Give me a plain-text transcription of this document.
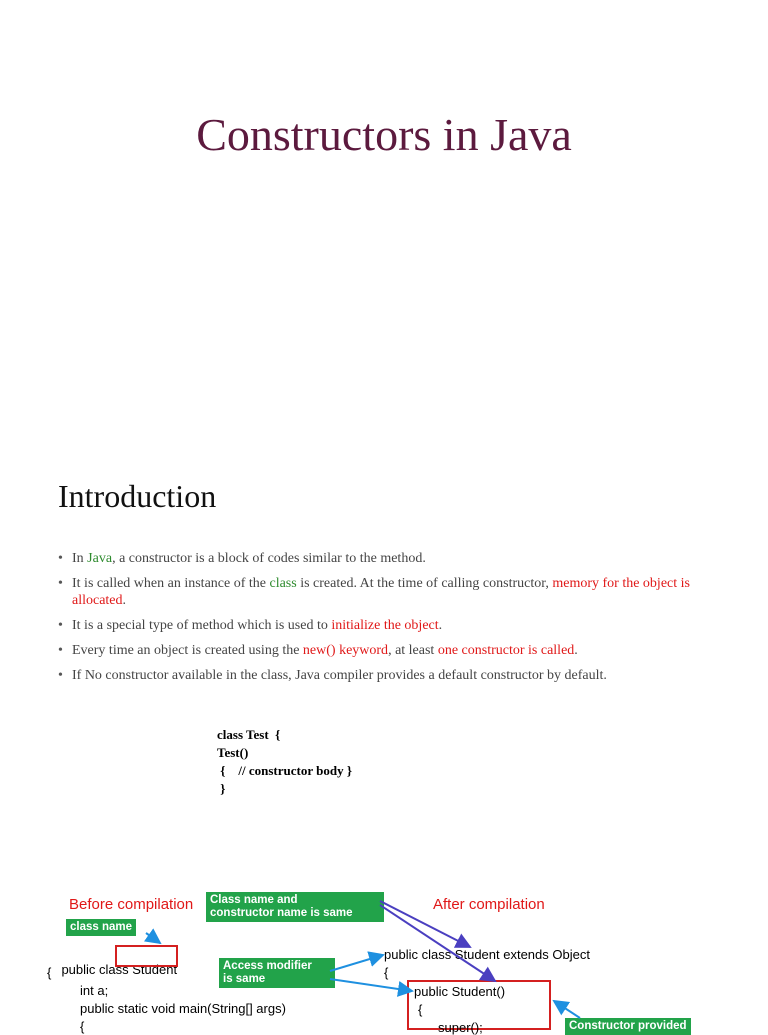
Constructors in Java
Introduction
• In Java, a constructor is a block of codes similar to the method.
• It is called when an instance of the class is created. At the time of calling constructor, memory for the object is allocated.
• It is a special type of method which is used to initialize the object.
• Every time an object is created using the new() keyword, at least one constructor is called.
• If No constructor available in the class, Java compiler provides a default constructor by default.
class Test  {
Test()
{    // constructor body }
}
Before compilation	After compilation
class name
Class name and
constructor name is same
Access modifier
is same
Constructor provided

public class Student

{
int a;
public static void main(String[] args)
{
public class Student extends Object
{
public Student()
{
super();
